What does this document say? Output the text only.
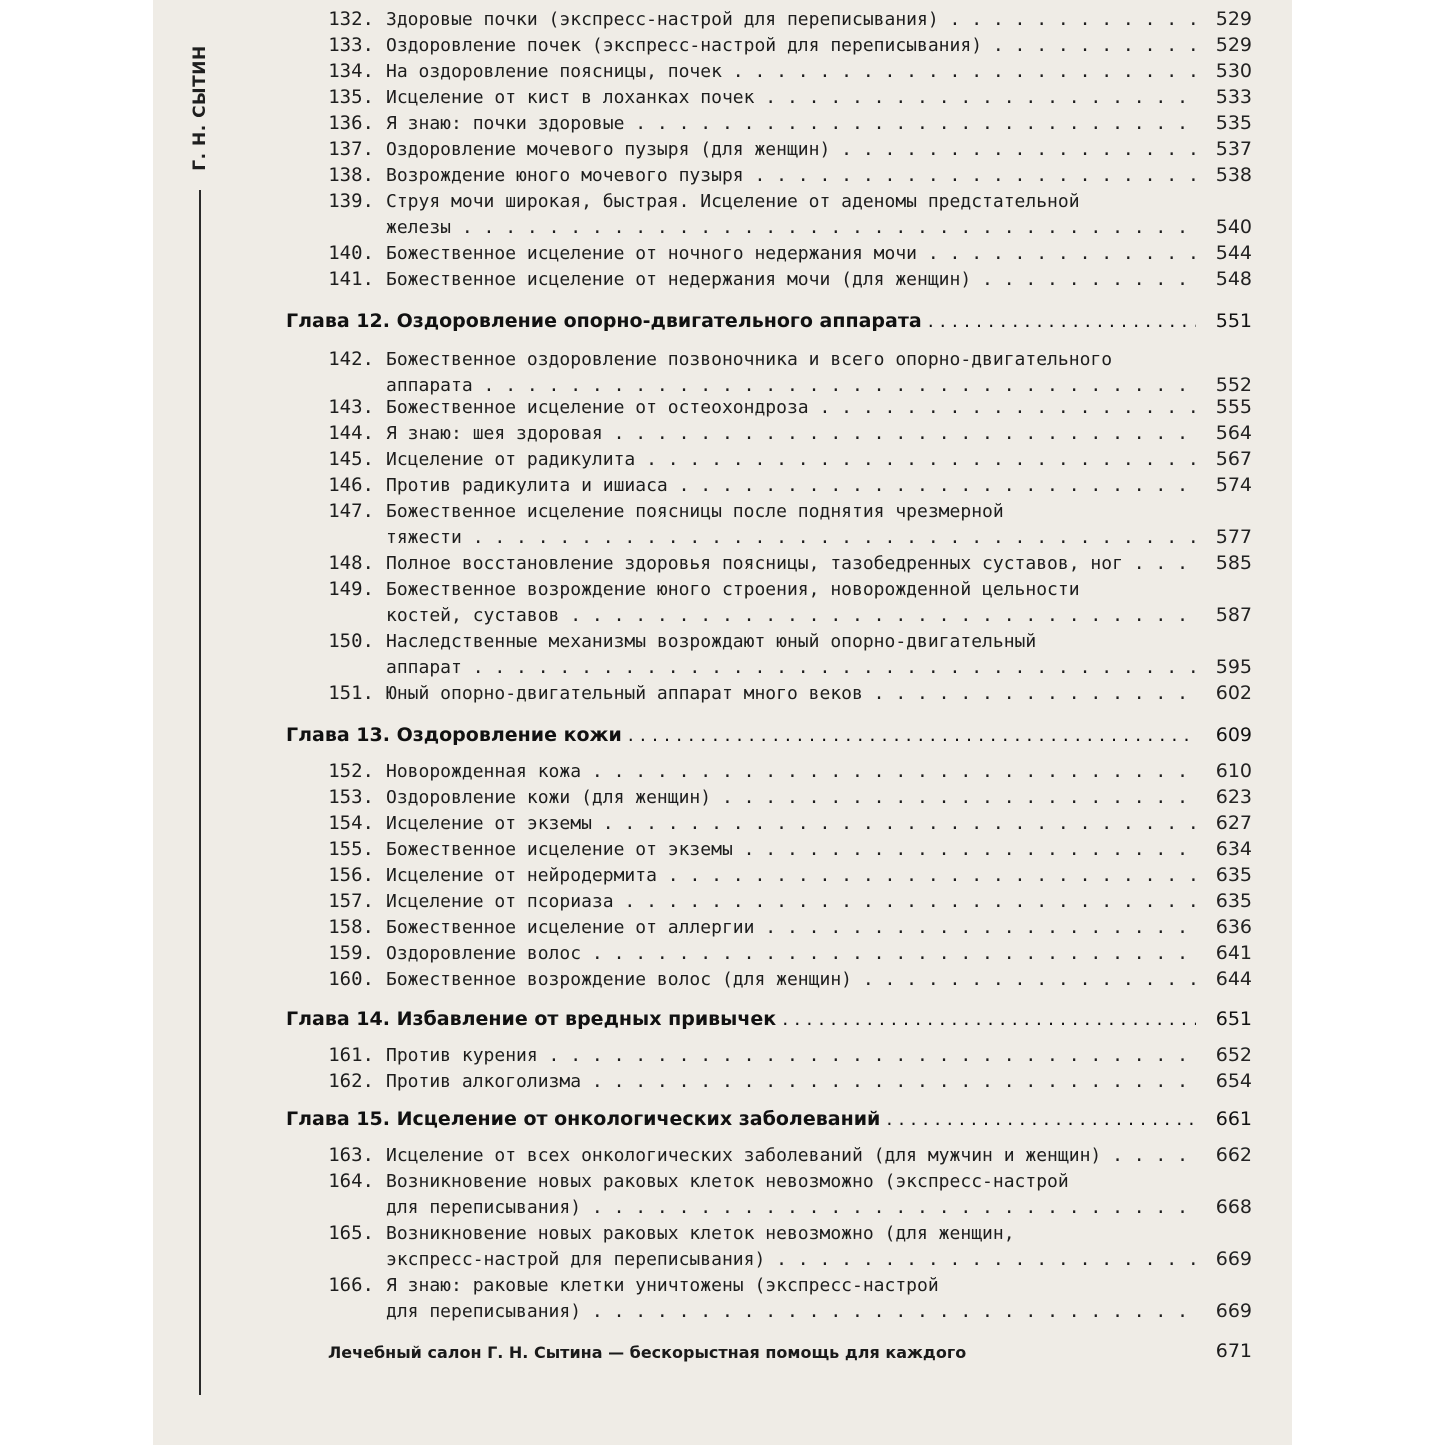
Г. Н. СЫТИН
132. Здоровые почки (экспресс-настрой для переписывания) . . .	529
133. Оздоровление почек (экспресс-настрой для переписывания) . . .	529
134. На оздоровление поясницы, почек . . .	530
135. Исцеление от кист в лоханках почек . . .	533
136. Я знаю: почки здоровые . . .	535
137. Оздоровление мочевого пузыря (для женщин) . . .	537
138. Возрождение юного мочевого пузыря . . .	538
139. Струя мочи широкая, быстрая. Исцеление от аденомы предстательной
железы . . .	540
140. Божественное исцеление от ночного недержания мочи . . .	544
141. Божественное исцеление от недержания мочи (для женщин) . . .	548
Глава 12. Оздоровление опорно-двигательного аппарата . . .	551
142. Божественное оздоровление позвоночника и всего опорно-двигательного
аппарата . . .	552
143. Божественное исцеление от остеохондроза . . .	555
144. Я знаю: шея здоровая . . .	564
145. Исцеление от радикулита . . .	567
146. Против радикулита и ишиаса . . .	574
147. Божественное исцеление поясницы после поднятия чрезмерной
тяжести . . .	577
148. Полное восстановление здоровья поясницы, тазобедренных суставов, ног . . .	585
149. Божественное возрождение юного строения, новорожденной цельности
костей, суставов . . .	587
150. Наследственные механизмы возрождают юный опорно-двигательный
аппарат . . .	595
151. Юный опорно-двигательный аппарат много веков . . .	602
Глава 13. Оздоровление кожи . . .	609
152. Новорожденная кожа . . .	610
153. Оздоровление кожи (для женщин) . . .	623
154. Исцеление от экземы . . .	627
155. Божественное исцеление от экземы . . .	634
156. Исцеление от нейродермита . . .	635
157. Исцеление от псориаза . . .	635
158. Божественное исцеление от аллергии . . .	636
159. Оздоровление волос . . .	641
160. Божественное возрождение волос (для женщин) . . .	644
Глава 14. Избавление от вредных привычек . . .	651
161. Против курения . . .	652
162. Против алкоголизма . . .	654
Глава 15. Исцеление от онкологических заболеваний . . .	661
163. Исцеление от всех онкологических заболеваний (для мужчин и женщин) . . .	662
164. Возникновение новых раковых клеток невозможно (экспресс-настрой
для переписывания) . . .	668
165. Возникновение новых раковых клеток невозможно (для женщин,
экспресс-настрой для переписывания) . . .	669
166. Я знаю: раковые клетки уничтожены (экспресс-настрой
для переписывания) . . .	669
Лечебный салон Г. Н. Сытина — бескорыстная помощь для каждого	671
